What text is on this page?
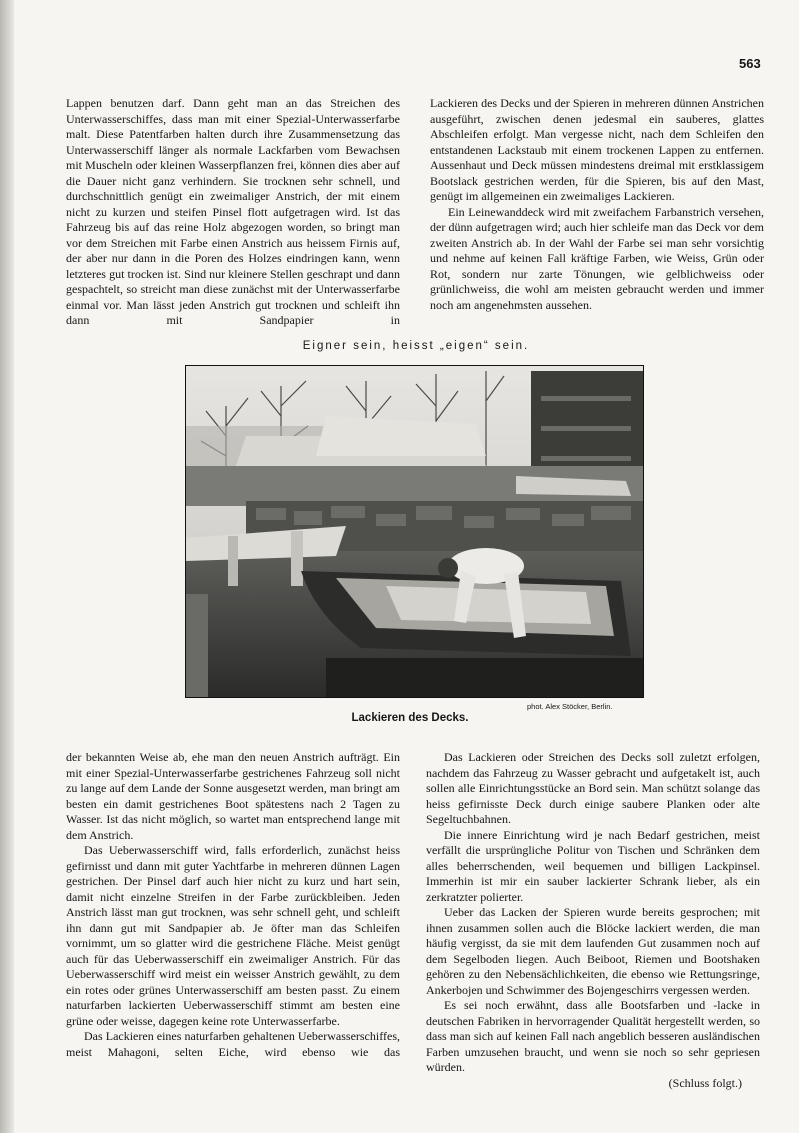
563

Lappen benutzen darf. Dann geht man an das Streichen des Unterwasserschiffes, dass man mit einer Spezial-Unterwasserfarbe malt. Diese Patentfarben halten durch ihre Zusammensetzung das Unterwasserschiff länger als normale Lackfarben vom Bewachsen mit Muscheln oder kleinen Wasserpflanzen frei, können dies aber auf die Dauer nicht ganz verhindern. Sie trocknen sehr schnell, und durchschnittlich genügt ein zweimaliger Anstrich, der mit einem nicht zu kurzen und steifen Pinsel flott aufgetragen wird. Ist das Fahrzeug bis auf das reine Holz abgezogen worden, so bringt man vor dem Streichen mit Farbe einen Anstrich aus heissem Firnis auf, der aber nur dann in die Poren des Holzes eindringen kann, wenn letzteres gut trocken ist. Sind nur kleinere Stellen geschrapt und dann gespachtelt, so streicht man diese zunächst mit der Unterwasserfarbe einmal vor. Man lässt jeden Anstrich gut trocknen und schleift ihn dann mit Sandpapier in

Lackieren des Decks und der Spieren in mehreren dünnen Anstrichen ausgeführt, zwischen denen jedesmal ein sauberes, glattes Abschleifen erfolgt. Man vergesse nicht, nach dem Schleifen den entstandenen Lackstaub mit einem trockenen Lappen zu entfernen. Aussenhaut und Deck müssen mindestens dreimal mit erstklassigem Bootslack gestrichen werden, für die Spieren, bis auf den Mast, genügt im allgemeinen ein zweimaliges Lackieren.

Ein Leinewanddeck wird mit zweifachem Farbanstrich versehen, der dünn aufgetragen wird; auch hier schleife man das Deck vor dem zweiten Anstrich ab. In der Wahl der Farbe sei man sehr vorsichtig und nehme auf keinen Fall kräftige Farben, wie Weiss, Grün oder Rot, sondern nur zarte Tönungen, wie gelblichweiss oder grünlichweiss, die wohl am meisten gebraucht werden und immer noch am angenehmsten aussehen.

Eigner sein, heisst „eigen“ sein.
phot. Alex Stöcker, Berlin.
Lackieren des Decks.

der bekannten Weise ab, ehe man den neuen Anstrich aufträgt. Ein mit einer Spezial-Unterwasserfarbe gestrichenes Fahrzeug soll nicht zu lange auf dem Lande der Sonne ausgesetzt werden, man bringt am besten ein damit gestrichenes Boot spätestens nach 2 Tagen zu Wasser. Ist das nicht möglich, so wartet man entsprechend lange mit dem Anstrich.

Das Ueberwasserschiff wird, falls erforderlich, zunächst heiss gefirnisst und dann mit guter Yachtfarbe in mehreren dünnen Lagen gestrichen. Der Pinsel darf auch hier nicht zu kurz und hart sein, damit nicht einzelne Streifen in der Farbe zurückbleiben. Jeden Anstrich lässt man gut trocknen, was sehr schnell geht, und schleift ihn dann gut mit Sandpapier ab. Je öfter man das Schleifen vornimmt, um so glatter wird die gestrichene Fläche. Meist genügt auch für das Ueberwasserschiff ein zweimaliger Anstrich. Für das Ueberwasserschiff wird meist ein weisser Anstrich gewählt, zu dem ein rotes oder grünes Unterwasserschiff am besten passt. Zu einem naturfarben lackierten Ueberwasserschiff stimmt am besten eine grüne oder weisse, dagegen keine rote Unterwasserfarbe.

Das Lackieren eines naturfarben gehaltenen Ueberwasserschiffes, meist Mahagoni, selten Eiche, wird ebenso wie das

Das Lackieren oder Streichen des Decks soll zuletzt erfolgen, nachdem das Fahrzeug zu Wasser gebracht und aufgetakelt ist, auch sollen alle Einrichtungsstücke an Bord sein. Man schützt solange das heiss gefirnisste Deck durch einige saubere Planken oder alte Segeltuchbahnen.

Die innere Einrichtung wird je nach Bedarf gestrichen, meist verfällt die ursprüngliche Politur von Tischen und Schränken dem alles beherrschenden, weil bequemen und billigen Lackpinsel. Immerhin ist mir ein sauber lackierter Schrank lieber, als ein zerkratzter polierter.

Ueber das Lacken der Spieren wurde bereits gesprochen; mit ihnen zusammen sollen auch die Blöcke lackiert werden, die man häufig vergisst, da sie mit dem laufenden Gut zusammen noch auf dem Segelboden liegen. Auch Beiboot, Riemen und Bootshaken gehören zu den Nebensächlichkeiten, die ebenso wie Rettungsringe, Ankerbojen und Schwimmer des Bojengeschirrs vergessen werden.

Es sei noch erwähnt, dass alle Bootsfarben und -lacke in deutschen Fabriken in hervorragender Qualität hergestellt werden, so dass man sich auf keinen Fall nach angeblich besseren ausländischen Farben umzusehen braucht, und wenn sie noch so sehr gepriesen würden.

(Schluss folgt.)
